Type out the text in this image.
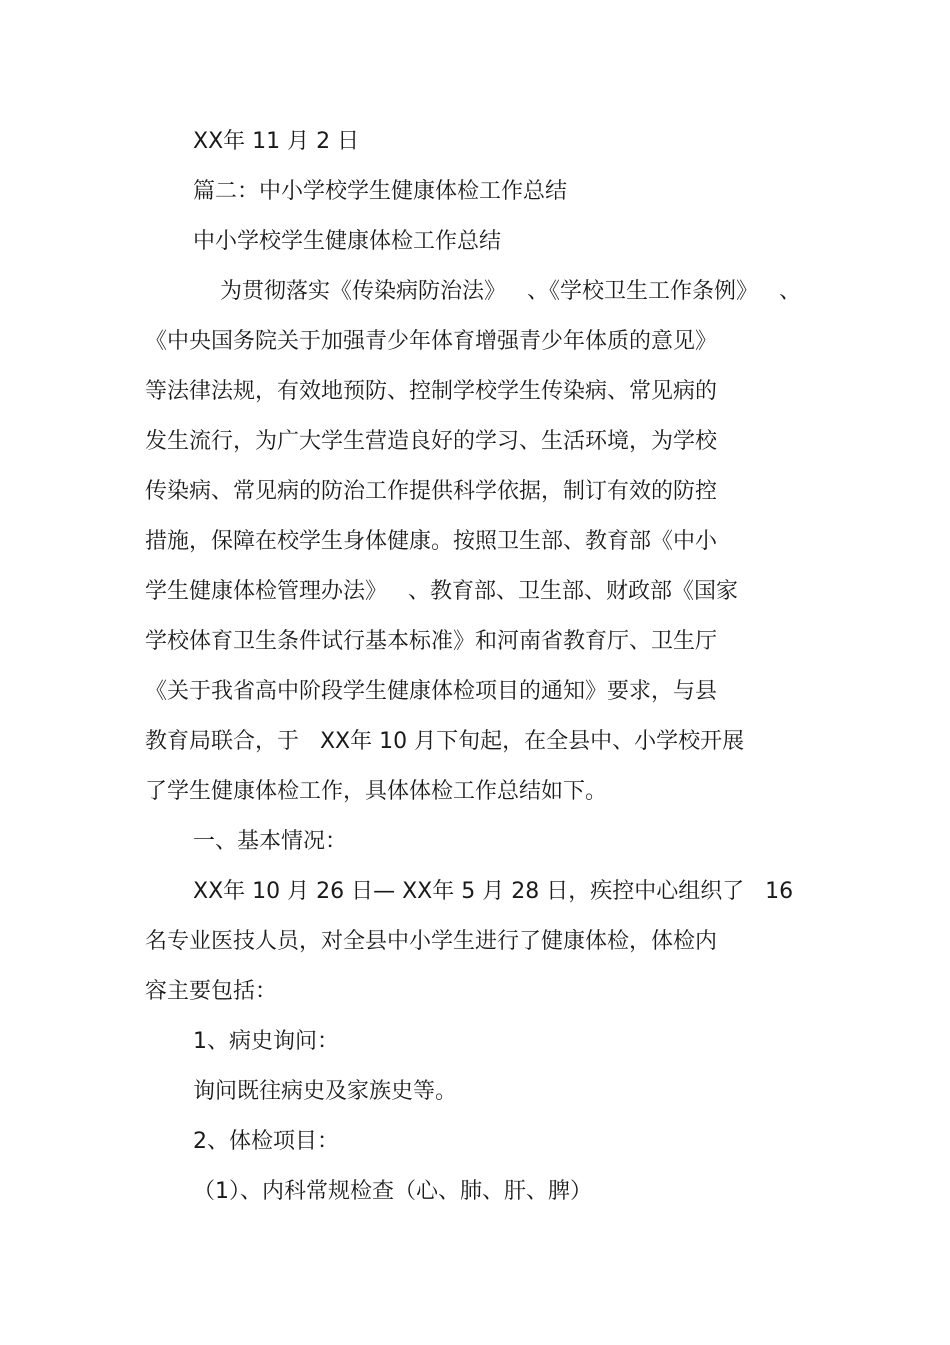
XX年 11 月 2 日
篇二：中小学校学生健康体检工作总结
中小学校学生健康体检工作总结
为贯彻落实《传染病防治法》   、《学校卫生工作条例》   、
《中央国务院关于加强青少年体育增强青少年体质的意见》
等法律法规，有效地预防、控制学校学生传染病、常见病的
发生流行，为广大学生营造良好的学习、生活环境，为学校
传染病、常见病的防治工作提供科学依据，制订有效的防控
措施，保障在校学生身体健康。按照卫生部、教育部《中小
学生健康体检管理办法》   、教育部、卫生部、财政部《国家
学校体育卫生条件试行基本标准》和河南省教育厅、卫生厅
《关于我省高中阶段学生健康体检项目的通知》要求，与县
教育局联合，于   XX年 10 月下旬起，在全县中、小学校开展
了学生健康体检工作，具体体检工作总结如下。
一、基本情况：
XX年 10 月 26 日— XX年 5 月 28 日，疾控中心组织了   16
名专业医技人员，对全县中小学生进行了健康体检，体检内
容主要包括：
1、病史询问：
询问既往病史及家族史等。
2、体检项目：
（1）、内科常规检查（心、肺、肝、脾）
